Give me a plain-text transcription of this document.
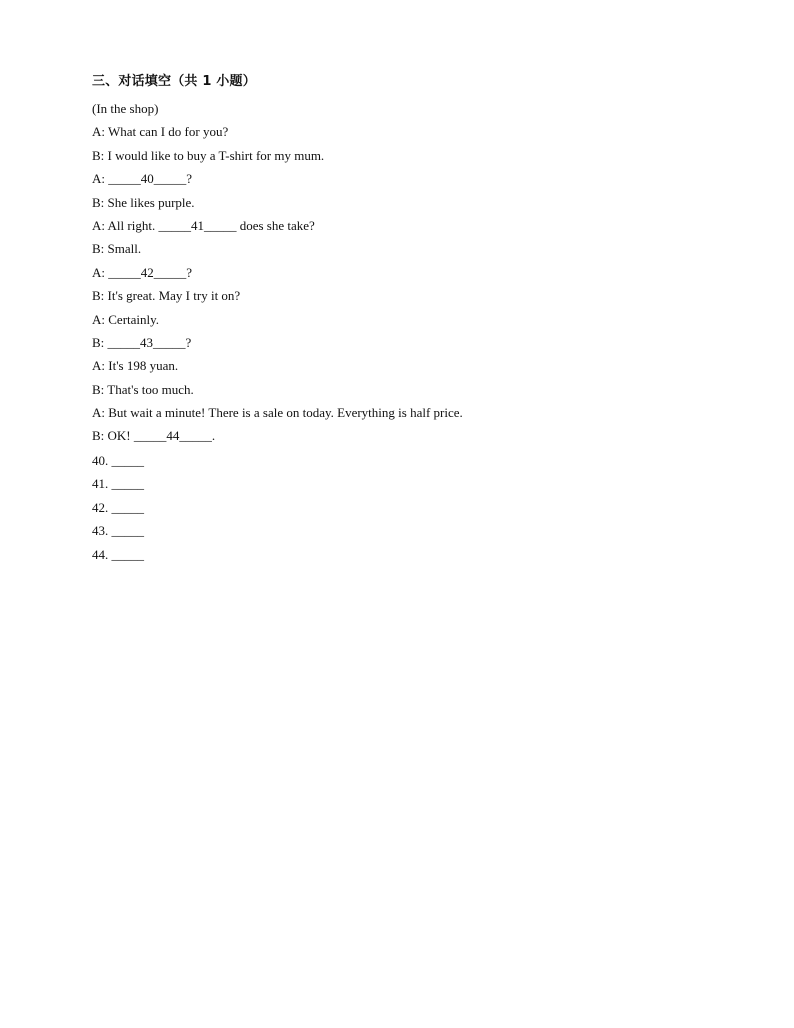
三、对话填空（共 1 小题）
(In the shop)
A: What can I do for you?
B: I would like to buy a T-shirt for my mum.
A: _____40_____?
B: She likes purple.
A: All right. _____41_____ does she take?
B: Small.
A: _____42_____?
B: It's great. May I try it on?
A: Certainly.
B: _____43_____?
A: It's 198 yuan.
B: That's too much.
A: But wait a minute! There is a sale on today. Everything is half price.
B: OK! _____44_____.
40. _____
41. _____
42. _____
43. _____
44. _____
